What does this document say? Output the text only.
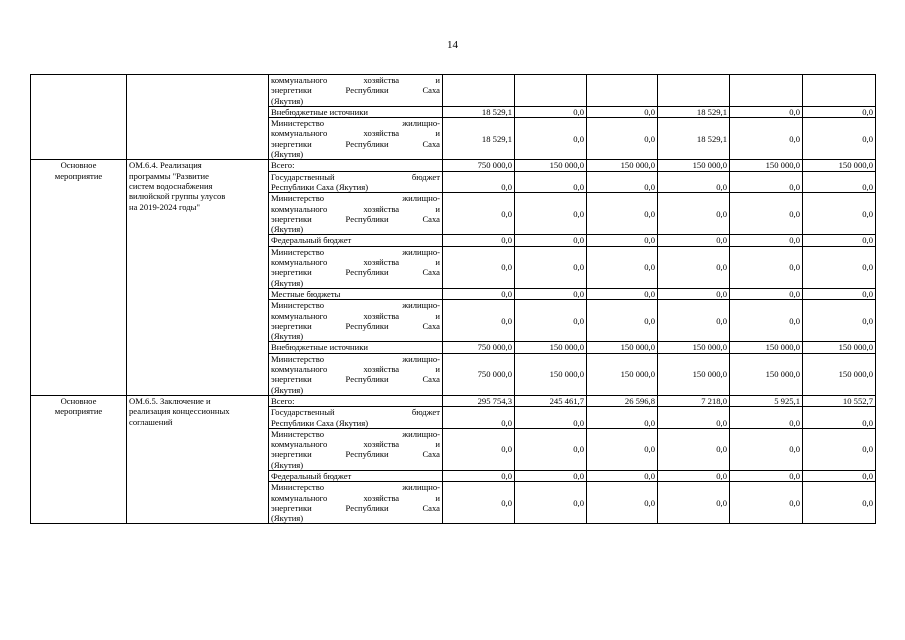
14

		коммунального хозяйства и
энергетики Республики Саха
(Якутия)						

		Внебюджетные источники	18 529,1	0,0	0,0	18 529,1	0,0	0,0

		Министерство жилищно-
коммунального хозяйства и
энергетики Республики Саха
(Якутия)	18 529,1	0,0	0,0	18 529,1	0,0	0,0

Основное
мероприятие	ОМ.6.4. Реализация
программы "Развитие
систем водоснабжения
вилюйской группы улусов
на 2019-2024 годы"	Всего:	750 000,0	150 000,0	150 000,0	150 000,0	150 000,0	150 000,0

		Государственный бюджет
Республики Саха (Якутия)	0,0	0,0	0,0	0,0	0,0	0,0

		Министерство жилищно-
коммунального хозяйства и
энергетики Республики Саха
(Якутия)	0,0	0,0	0,0	0,0	0,0	0,0
		Федеральный бюджет	0,0	0,0	0,0	0,0	0,0	0,0

		Министерство жилищно-
коммунального хозяйства и
энергетики Республики Саха
(Якутия)	0,0	0,0	0,0	0,0	0,0	0,0
		Местные бюджеты	0,0	0,0	0,0	0,0	0,0	0,0

		Министерство жилищно-
коммунального хозяйства и
энергетики Республики Саха
(Якутия)	0,0	0,0	0,0	0,0	0,0	0,0
		Внебюджетные источники	750 000,0	150 000,0	150 000,0	150 000,0	150 000,0	150 000,0

		Министерство жилищно-
коммунального хозяйства и
энергетики Республики Саха
(Якутия)	750 000,0	150 000,0	150 000,0	150 000,0	150 000,0	150 000,0

Основное
мероприятие	ОМ.6.5. Заключение и
реализация концессионных
соглашений	Всего:	295 754,3	245 461,7	26 596,8	7 218,0	5 925,1	10 552,7

		Государственный бюджет
Республики Саха (Якутия)	0,0	0,0	0,0	0,0	0,0	0,0

		Министерство жилищно-
коммунального хозяйства и
энергетики Республики Саха
(Якутия)	0,0	0,0	0,0	0,0	0,0	0,0
		Федеральный бюджет	0,0	0,0	0,0	0,0	0,0	0,0

		Министерство жилищно-
коммунального хозяйства и
энергетики Республики Саха
(Якутия)	0,0	0,0	0,0	0,0	0,0	0,0
